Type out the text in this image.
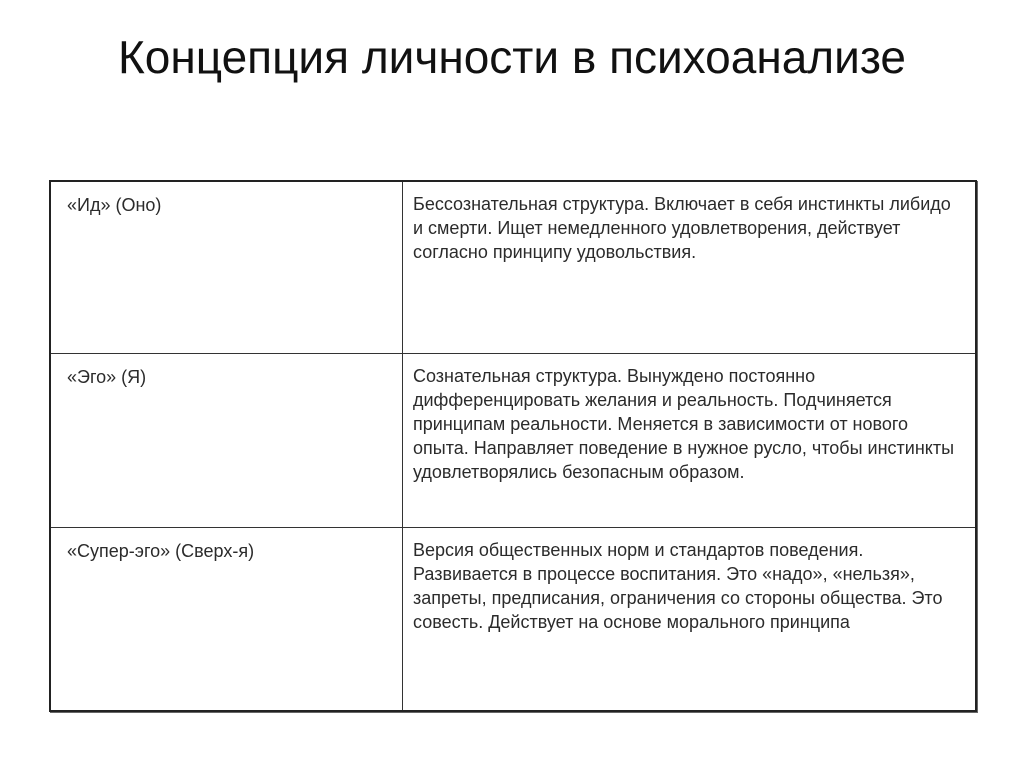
Концепция личности в психоанализе
«Ид» (Оно)	Бессознательная структура. Включает в себя инстинкты либидо и смерти. Ищет немедленного удовлетворения, действует согласно принципу удовольствия.

«Эго» (Я)	Сознательная структура. Вынуждено постоянно дифференцировать желания и реальность. Подчиняется принципам реальности. Меняется в зависимости от нового опыта. Направляет поведение в нужное русло, чтобы инстинкты удовлетворялись безопасным образом.

«Супер-эго» (Сверх-я)	Версия общественных норм и стандартов поведения. Развивается в процессе воспитания. Это «надо», «нельзя», запреты, предписания, ограничения со стороны общества. Это совесть. Действует на основе морального принципа
